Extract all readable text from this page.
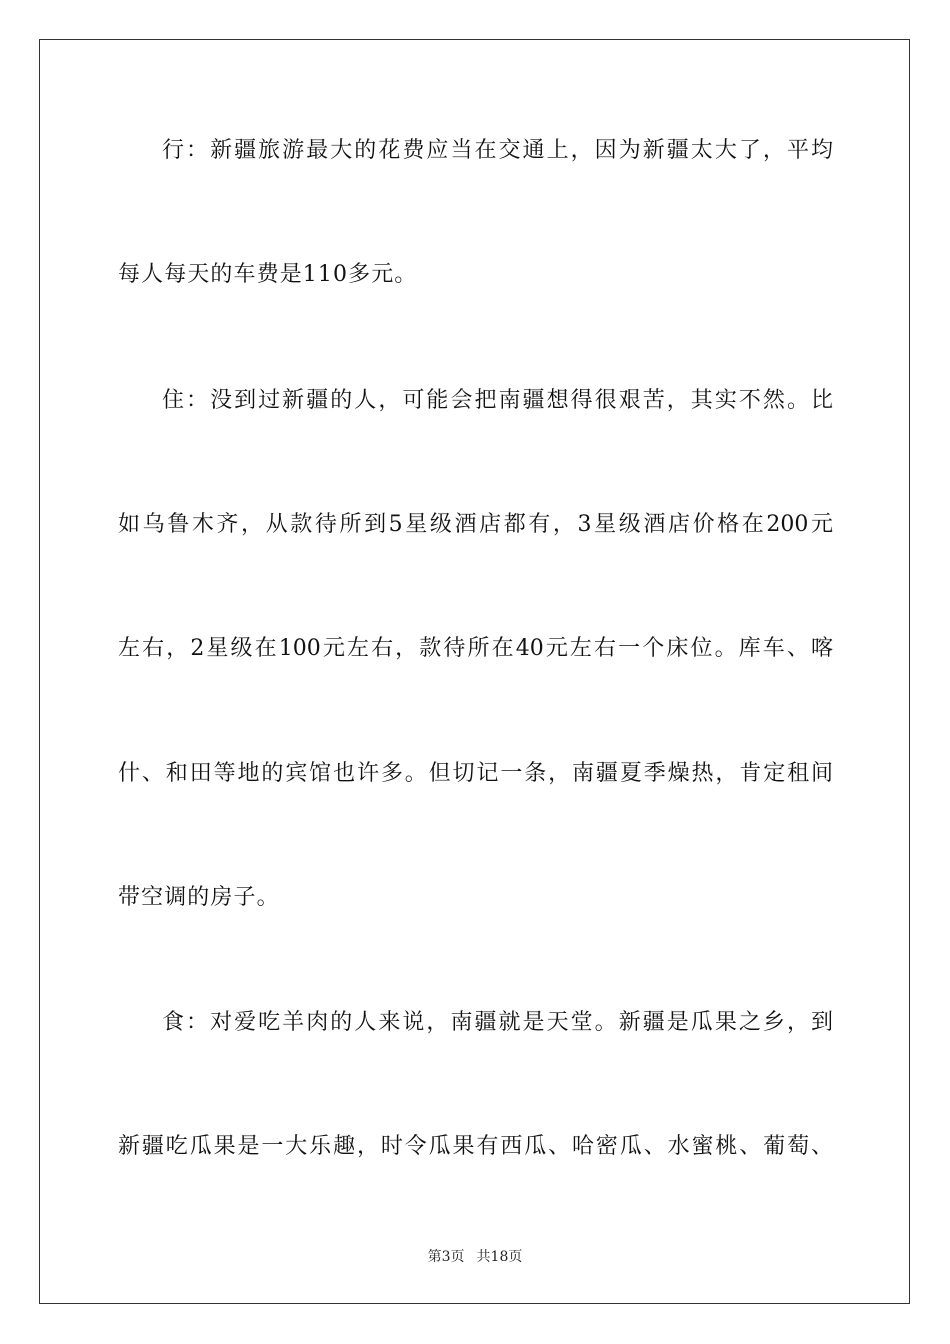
行：新疆旅游最大的花费应当在交通上，因为新疆太大了，平均
每人每天的车费是110多元。
住：没到过新疆的人，可能会把南疆想得很艰苦，其实不然。比
如乌鲁木齐，从款待所到5星级酒店都有，3星级酒店价格在200元
左右，2星级在100元左右，款待所在40元左右一个床位。库车、喀
什、和田等地的宾馆也许多。但切记一条，南疆夏季燥热，肯定租间
带空调的房子。
食：对爱吃羊肉的人来说，南疆就是天堂。新疆是瓜果之乡，到
新疆吃瓜果是一大乐趣，时令瓜果有西瓜、哈密瓜、水蜜桃、葡萄、
第3页 共18页
